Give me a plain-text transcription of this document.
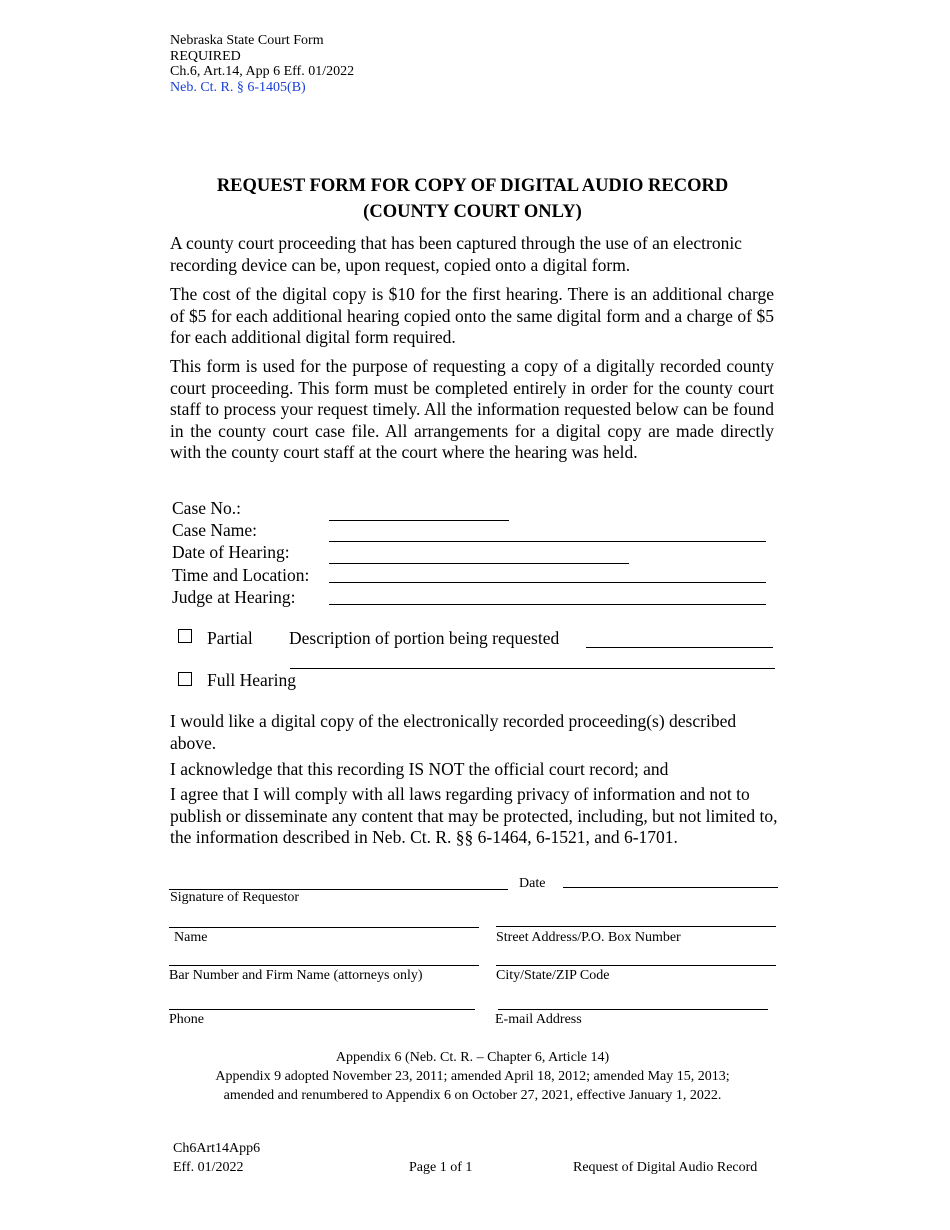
Nebraska State Court Form
REQUIRED
Ch.6, Art.14, App 6 Eff. 01/2022
Neb. Ct. R. § 6-1405(B)
REQUEST FORM FOR COPY OF DIGITAL AUDIO RECORD
(COUNTY COURT ONLY)
A county court proceeding that has been captured through the use of an electronic recording device can be, upon request, copied onto a digital form.
The cost of the digital copy is $10 for the first hearing. There is an additional charge of $5 for each additional hearing copied onto the same digital form and a charge of $5 for each additional digital form required.
This form is used for the purpose of requesting a copy of a digitally recorded county court proceeding. This form must be completed entirely in order for the county court staff to process your request timely. All the information requested below can be found in the county court case file. All arrangements for a digital copy are made directly with the county court staff at the court where the hearing was held.
Case No.:
Case Name:
Date of Hearing:
Time and Location:
Judge at Hearing:
Partial Description of portion being requested
Full Hearing
I would like a digital copy of the electronically recorded proceeding(s) described above.
I acknowledge that this recording IS NOT the official court record; and
I agree that I will comply with all laws regarding privacy of information and not to publish or disseminate any content that may be protected, including, but not limited to, the information described in Neb. Ct. R. §§ 6-1464, 6-1521, and 6-1701.
Signature of Requestor
Date
Name	Street Address/P.O. Box Number
Bar Number and Firm Name (attorneys only)	City/State/ZIP Code
Phone	E-mail Address
Appendix 6 (Neb. Ct. R. – Chapter 6, Article 14)
Appendix 9 adopted November 23, 2011; amended April 18, 2012; amended May 15, 2013;
amended and renumbered to Appendix 6 on October 27, 2021, effective January 1, 2022.
Ch6Art14App6
Eff. 01/2022	Page 1 of 1	Request of Digital Audio Record
